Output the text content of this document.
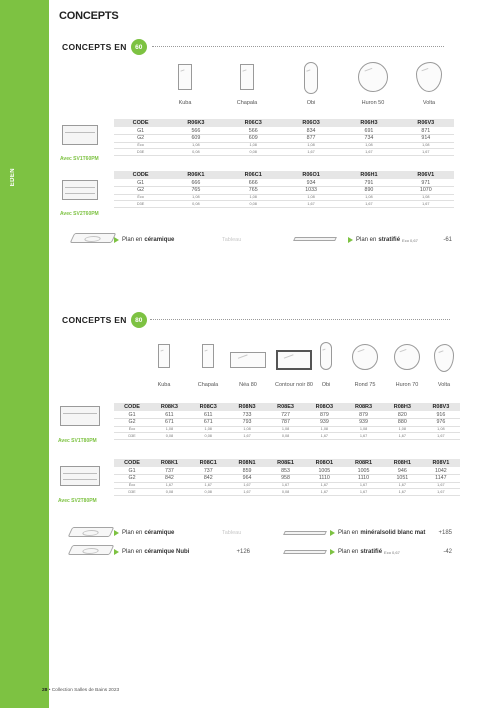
EDEN
CONCEPTS
CONCEPTS EN	60
Kuba	Chapala	Obi	Huron 50	Volta
Avec SV1T60PM
Avec SV2T60PM
CODE	R06K3	R06C3	R06O3	R06H3	R06V3
G1	566	566	834	691	871
G2	609	609	877	734	914
Éco	1,08	1,08	1,08	1,08	1,08
D3E	0,08	0,08	1,67	1,67	1,67
CODE	R06K1	R06C1	R06O1	R06H1	R06V1
G1	666	666	934	791	971
G2	765	765	1033	890	1070
Éco	1,08	1,08	1,08	1,08	1,08
D3E	0,08	0,08	1,67	1,67	1,67
Plan en céramique	Tableau	Plan en stratifié Eco 0,67	-61
CONCEPTS EN	80
Kuba	Chapala	Néa 80	Contour noir 80	Obi	Rond 75	Huron 70	Volta
Avec SV1T80PM
Avec SV2T80PM
CODE	R08K3	R08C3	R08N3	R08E3	R08O3	R08R3	R08H3	R08V3
G1	611	611	733	727	879	879	820	916
G2	671	671	793	787	939	939	880	976
Éco	1,08	1,08	1,08	1,08	1,08	1,08	1,08	1,08
D3E	0,08	0,08	1,67	0,08	1,67	1,67	1,67	1,67
CODE	R08K1	R08C1	R08N1	R08E1	R08O1	R08R1	R08H1	R08V1
G1	737	737	859	853	1005	1005	946	1042
G2	842	842	964	958	1110	1110	1051	1147
Éco	1,67	1,67	1,67	1,67	1,67	1,67	1,67	1,67
D3E	0,08	0,08	1,67	0,08	1,67	1,67	1,67	1,67
Plan en céramique	Tableau	Plan en minéralsolid blanc mat +185
Plan en céramique Nubi	+126	Plan en stratifié Eco 0,67	-42
28 • Collection Salles de Bains 2023
